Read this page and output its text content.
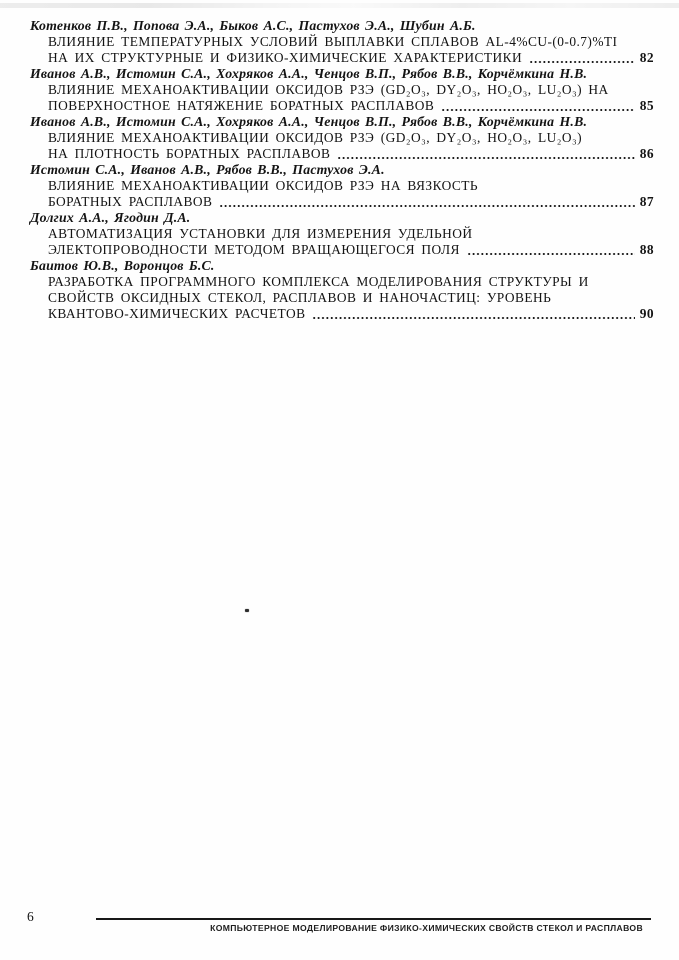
Котенков П.В., Попова Э.А., Быков А.С., Пастухов Э.А., Шубин А.Б.
ВЛИЯНИЕ ТЕМПЕРАТУРНЫХ УСЛОВИЙ ВЫПЛАВКИ СПЛАВОВ AL-4%CU-(0-0.7)%TI
НА ИХ СТРУКТУРНЫЕ И ФИЗИКО-ХИМИЧЕСКИЕ ХАРАКТЕРИСТИКИ	82
Иванов А.В., Истомин С.А., Хохряков А.А., Ченцов В.П., Рябов В.В., Корчёмкина Н.В.
ВЛИЯНИЕ МЕХАНОАКТИВАЦИИ ОКСИДОВ РЗЭ (GD₂O₃, DY₂O₃, HO₂O₃, LU₂O₃) НА
ПОВЕРХНОСТНОЕ НАТЯЖЕНИЕ БОРАТНЫХ РАСПЛАВОВ	85
Иванов А.В., Истомин С.А., Хохряков А.А., Ченцов В.П., Рябов В.В., Корчёмкина Н.В.
ВЛИЯНИЕ МЕХАНОАКТИВАЦИИ ОКСИДОВ РЗЭ (GD₂O₃, DY₂O₃, HO₂O₃, LU₂O₃)
НА ПЛОТНОСТЬ БОРАТНЫХ РАСПЛАВОВ	86
Истомин С.А., Иванов А.В., Рябов В.В., Пастухов Э.А.
ВЛИЯНИЕ МЕХАНОАКТИВАЦИИ ОКСИДОВ РЗЭ НА ВЯЗКОСТЬ
БОРАТНЫХ РАСПЛАВОВ	87
Долгих А.А., Ягодин Д.А.
АВТОМАТИЗАЦИЯ УСТАНОВКИ ДЛЯ ИЗМЕРЕНИЯ УДЕЛЬНОЙ
ЭЛЕКТОПРОВОДНОСТИ МЕТОДОМ ВРАЩАЮЩЕГОСЯ ПОЛЯ	88
Баитов Ю.В., Воронцов Б.С.
РАЗРАБОТКА ПРОГРАММНОГО КОМПЛЕКСА МОДЕЛИРОВАНИЯ СТРУКТУРЫ И
СВОЙСТВ ОКСИДНЫХ СТЕКОЛ, РАСПЛАВОВ И НАНОЧАСТИЦ: УРОВЕНЬ
КВАНТОВО-ХИМИЧЕСКИХ РАСЧЕТОВ	90
6
КОМПЬЮТЕРНОЕ МОДЕЛИРОВАНИЕ ФИЗИКО-ХИМИЧЕСКИХ СВОЙСТВ СТЕКОЛ И РАСПЛАВОВ
